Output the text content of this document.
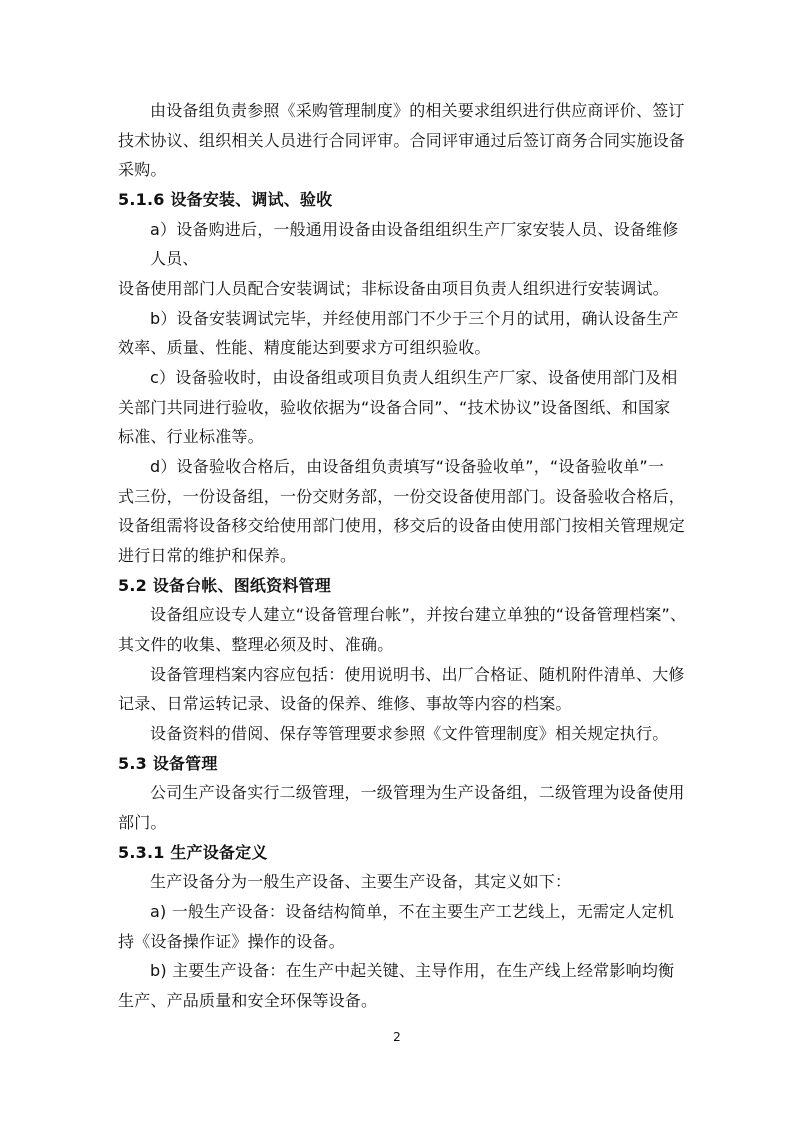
由设备组负责参照《采购管理制度》的相关要求组织进行供应商评价、签订
技术协议、组织相关人员进行合同评审。合同评审通过后签订商务合同实施设备
采购。
5.1.6 设备安装、调试、验收
a）设备购进后，一般通用设备由设备组组织生产厂家安装人员、设备维修
人员、
设备使用部门人员配合安装调试；非标设备由项目负责人组织进行安装调试。
b）设备安装调试完毕，并经使用部门不少于三个月的试用，确认设备生产
效率、质量、性能、精度能达到要求方可组织验收。
c）设备验收时，由设备组或项目负责人组织生产厂家、设备使用部门及相
关部门共同进行验收，验收依据为“设备合同”、“技术协议”设备图纸、和国家
标准、行业标准等。
d）设备验收合格后，由设备组负责填写“设备验收单”，“设备验收单”一
式三份，一份设备组，一份交财务部，一份交设备使用部门。设备验收合格后，
设备组需将设备移交给使用部门使用，移交后的设备由使用部门按相关管理规定
进行日常的维护和保养。
5.2 设备台帐、图纸资料管理
设备组应设专人建立“设备管理台帐”，并按台建立单独的“设备管理档案”、
其文件的收集、整理必须及时、准确。
设备管理档案内容应包括：使用说明书、出厂合格证、随机附件清单、大修
记录、日常运转记录、设备的保养、维修、事故等内容的档案。
设备资料的借阅、保存等管理要求参照《文件管理制度》相关规定执行。
5.3 设备管理
公司生产设备实行二级管理，一级管理为生产设备组，二级管理为设备使用
部门。
5.3.1 生产设备定义
生产设备分为一般生产设备、主要生产设备，其定义如下：
a) 一般生产设备：设备结构简单，不在主要生产工艺线上，无需定人定机
持《设备操作证》操作的设备。
b) 主要生产设备：在生产中起关键、主导作用，在生产线上经常影响均衡
生产、产品质量和安全环保等设备。
2
